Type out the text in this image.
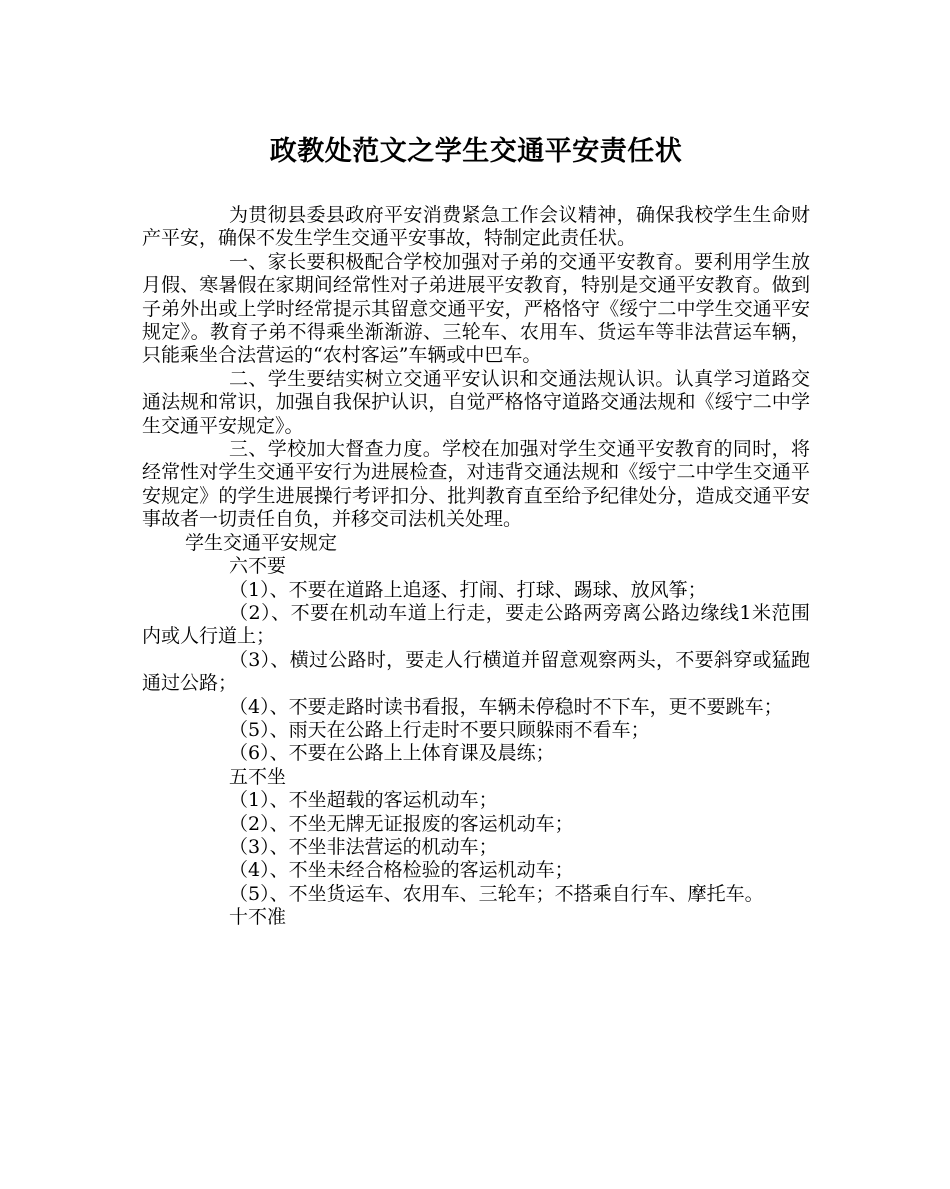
政教处范文之学生交通平安责任状

为贯彻县委县政府平安消费紧急工作会议精神，确保我校学生生命财产平安，确保不发生学生交通平安事故，特制定此责任状。

一、家长要积极配合学校加强对子弟的交通平安教育。要利用学生放月假、寒暑假在家期间经常性对子弟进展平安教育，特别是交通平安教育。做到子弟外出或上学时经常提示其留意交通平安，严格恪守《绥宁二中学生交通平安规定》。教育子弟不得乘坐渐渐游、三轮车、农用车、货运车等非法营运车辆，只能乘坐合法营运的“农村客运”车辆或中巴车。

二、学生要结实树立交通平安认识和交通法规认识。认真学习道路交通法规和常识，加强自我保护认识，自觉严格恪守道路交通法规和《绥宁二中学生交通平安规定》。

三、学校加大督查力度。学校在加强对学生交通平安教育的同时，将经常性对学生交通平安行为进展检查，对违背交通法规和《绥宁二中学生交通平安规定》的学生进展操行考评扣分、批判教育直至给予纪律处分，造成交通平安事故者一切责任自负，并移交司法机关处理。

学生交通平安规定

六不要

（1）、不要在道路上追逐、打闹、打球、踢球、放风筝；

（2）、不要在机动车道上行走，要走公路两旁离公路边缘线1米范围内或人行道上；

（3）、横过公路时，要走人行横道并留意观察两头，不要斜穿或猛跑通过公路；

（4）、不要走路时读书看报，车辆未停稳时不下车，更不要跳车；

（5）、雨天在公路上行走时不要只顾躲雨不看车；

（6）、不要在公路上上体育课及晨练；

五不坐

（1）、不坐超载的客运机动车；

（2）、不坐无牌无证报废的客运机动车；

（3）、不坐非法营运的机动车；

（4）、不坐未经合格检验的客运机动车；

（5）、不坐货运车、农用车、三轮车；不搭乘自行车、摩托车。

十不准
